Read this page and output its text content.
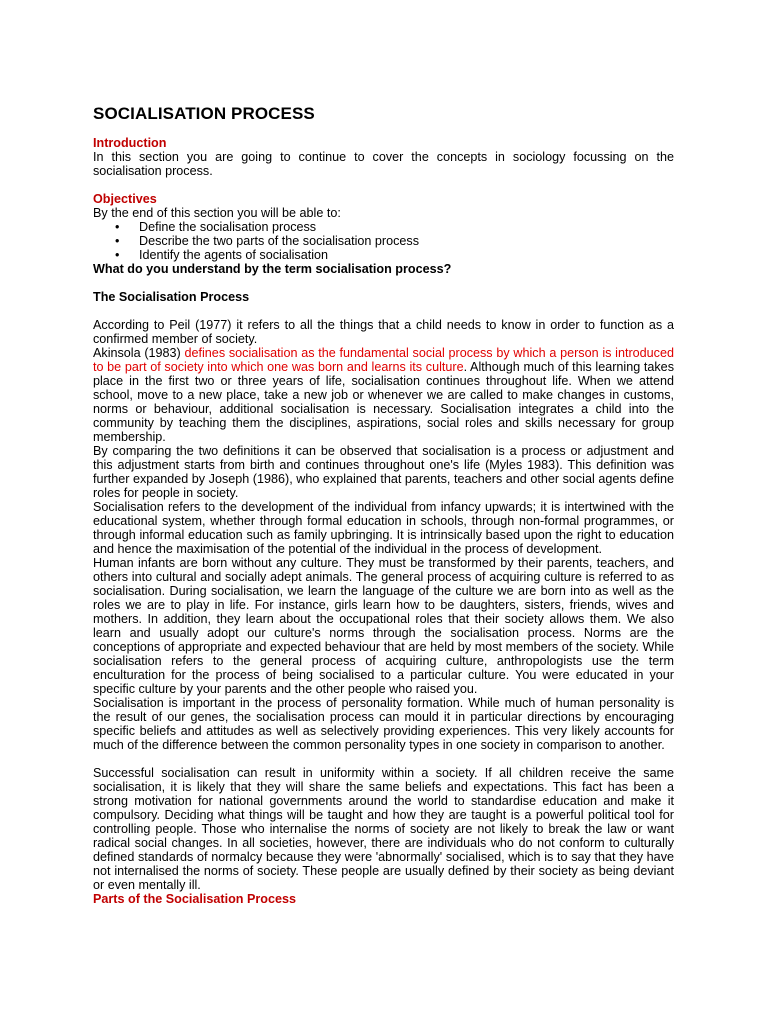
SOCIALISATION PROCESS
Introduction

In this section you are going to continue to cover the concepts in sociology focussing on the socialisation process.

Objectives

By the end of this section you will be able to:

• Define the socialisation process
• Describe the two parts of the socialisation process
• Identify the agents of socialisation
What do you understand by the term socialisation process?
The Socialisation Process

According to Peil (1977) it refers to all the things that a child needs to know in order to function as a confirmed member of society.

Akinsola (1983) defines socialisation as the fundamental social process by which a person is introduced to be part of society into which one was born and learns its culture. Although much of this learning takes place in the first two or three years of life, socialisation continues throughout life. When we attend school, move to a new place, take a new job or whenever we are called to make changes in customs, norms or behaviour, additional socialisation is necessary. Socialisation integrates a child into the community by teaching them the disciplines, aspirations, social roles and skills necessary for group membership.

By comparing the two definitions it can be observed that socialisation is a process or adjustment and this adjustment starts from birth and continues throughout one's life (Myles 1983). This definition was further expanded by Joseph (1986), who explained that parents, teachers and other social agents define roles for people in society.

Socialisation refers to the development of the individual from infancy upwards; it is intertwined with the educational system, whether through formal education in schools, through non-formal programmes, or through informal education such as family upbringing. It is intrinsically based upon the right to education and hence the maximisation of the potential of the individual in the process of development.

Human infants are born without any culture. They must be transformed by their parents, teachers, and others into cultural and socially adept animals. The general process of acquiring culture is referred to as socialisation. During socialisation, we learn the language of the culture we are born into as well as the roles we are to play in life. For instance, girls learn how to be daughters, sisters, friends, wives and mothers. In addition, they learn about the occupational roles that their society allows them. We also learn and usually adopt our culture's norms through the socialisation process. Norms are the conceptions of appropriate and expected behaviour that are held by most members of the society. While socialisation refers to the general process of acquiring culture, anthropologists use the term enculturation for the process of being socialised to a particular culture. You were educated in your specific culture by your parents and the other people who raised you.

Socialisation is important in the process of personality formation. While much of human personality is the result of our genes, the socialisation process can mould it in particular directions by encouraging specific beliefs and attitudes as well as selectively providing experiences. This very likely accounts for much of the difference between the common personality types in one society in comparison to another.

Successful socialisation can result in uniformity within a society. If all children receive the same socialisation, it is likely that they will share the same beliefs and expectations. This fact has been a strong motivation for national governments around the world to standardise education and make it compulsory. Deciding what things will be taught and how they are taught is a powerful political tool for controlling people. Those who internalise the norms of society are not likely to break the law or want radical social changes. In all societies, however, there are individuals who do not conform to culturally defined standards of normalcy because they were 'abnormally' socialised, which is to say that they have not internalised the norms of society. These people are usually defined by their society as being deviant or even mentally ill.

Parts of the Socialisation Process
